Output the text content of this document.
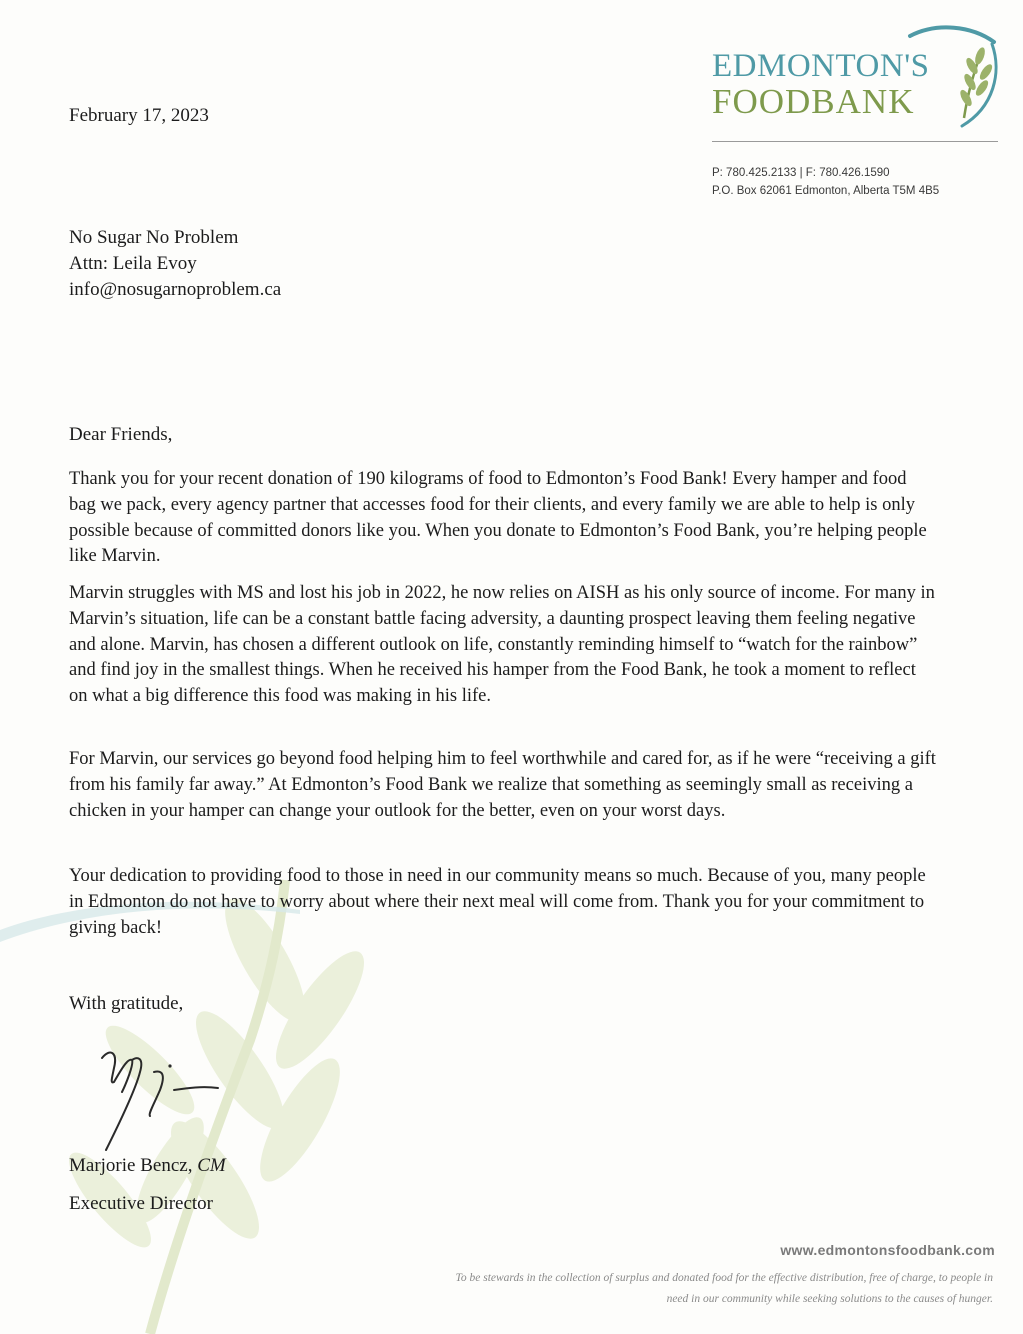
EDMONTON'S
FOODBANK
P: 780.425.2133 | F: 780.426.1590
P.O. Box 62061 Edmonton, Alberta T5M 4B5
February 17, 2023
No Sugar No Problem
Attn: Leila Evoy
info@nosugarnoproblem.ca
Dear Friends,

Thank you for your recent donation of 190 kilograms of food to Edmonton’s Food Bank! Every hamper and food bag we pack, every agency partner that accesses food for their clients, and every family we are able to help is only possible because of committed donors like you. When you donate to Edmonton’s Food Bank, you’re helping people like Marvin.

Marvin struggles with MS and lost his job in 2022, he now relies on AISH as his only source of income. For many in Marvin’s situation, life can be a constant battle facing adversity, a daunting prospect leaving them feeling negative and alone. Marvin, has chosen a different outlook on life, constantly reminding himself to “watch for the rainbow” and find joy in the smallest things. When he received his hamper from the Food Bank, he took a moment to reflect on what a big difference this food was making in his life.

For Marvin, our services go beyond food helping him to feel worthwhile and cared for, as if he were “receiving a gift from his family far away.” At Edmonton’s Food Bank we realize that something as seemingly small as receiving a chicken in your hamper can change your outlook for the better, even on your worst days.

Your dedication to providing food to those in need in our community means so much. Because of you, many people in Edmonton do not have to worry about where their next meal will come from. Thank you for your commitment to giving back!

With gratitude,
Marjorie Bencz, CM
Executive Director
www.edmontonsfoodbank.com
To be stewards in the collection of surplus and donated food for the effective distribution, free of charge, to people in need in our community while seeking solutions to the causes of hunger.
